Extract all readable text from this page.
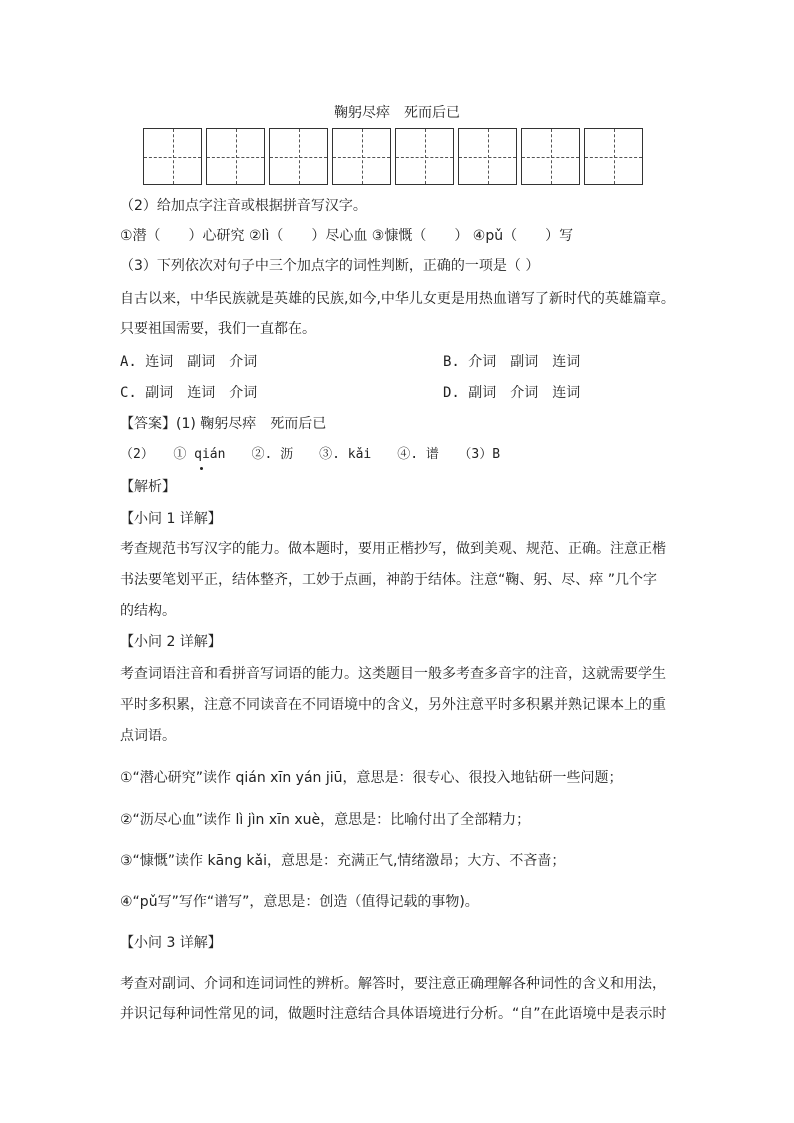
鞠躬尽瘁　死而后已
（2）给加点字注音或根据拼音写汉字。
①潜（　　）心研究 ②lì（　　）尽心血 ③慷慨（　　） ④pǔ（　　）写
（3）下列依次对句子中三个加点字的词性判断，正确的一项是（ ）
自古以来，中华民族就是英雄的民族,如今,中华儿女更是用热血谱写了新时代的英雄篇章。
只要祖国需要，我们一直都在。
A. 连词　副词　介词	B. 介词　副词　连词
C. 副词　连词　介词	D. 副词　介词　连词
【答案】(1) 鞠躬尽瘁　死而后已
（2）　　① qián　　②. 沥　　③. kǎi　　④. 谱　　（3）B
【解析】
【小问 1 详解】
考查规范书写汉字的能力。做本题时，要用正楷抄写，做到美观、规范、正确。注意正楷
书法要笔划平正，结体整齐，工妙于点画，神韵于结体。注意“鞠、躬、尽、瘁 ”几个字
的结构。
【小问 2 详解】
考查词语注音和看拼音写词语的能力。这类题目一般多考查多音字的注音，这就需要学生
平时多积累，注意不同读音在不同语境中的含义，另外注意平时多积累并熟记课本上的重
点词语。
①“潜心研究”读作 qián xīn yán jiū，意思是：很专心、很投入地钻研一些问题；
②“沥尽心血”读作 lì jìn xīn xuè，意思是：比喻付出了全部精力；
③“慷慨”读作 kāng kǎi，意思是：充满正气,情绪激昂；大方、不吝啬；
④“pǔ写”写作“谱写”，意思是：创造（值得记载的事物)。
【小问 3 详解】
考查对副词、介词和连词词性的辨析。解答时，要注意正确理解各种词性的含义和用法，
并识记每种词性常见的词，做题时注意结合具体语境进行分析。“自”在此语境中是表示时
